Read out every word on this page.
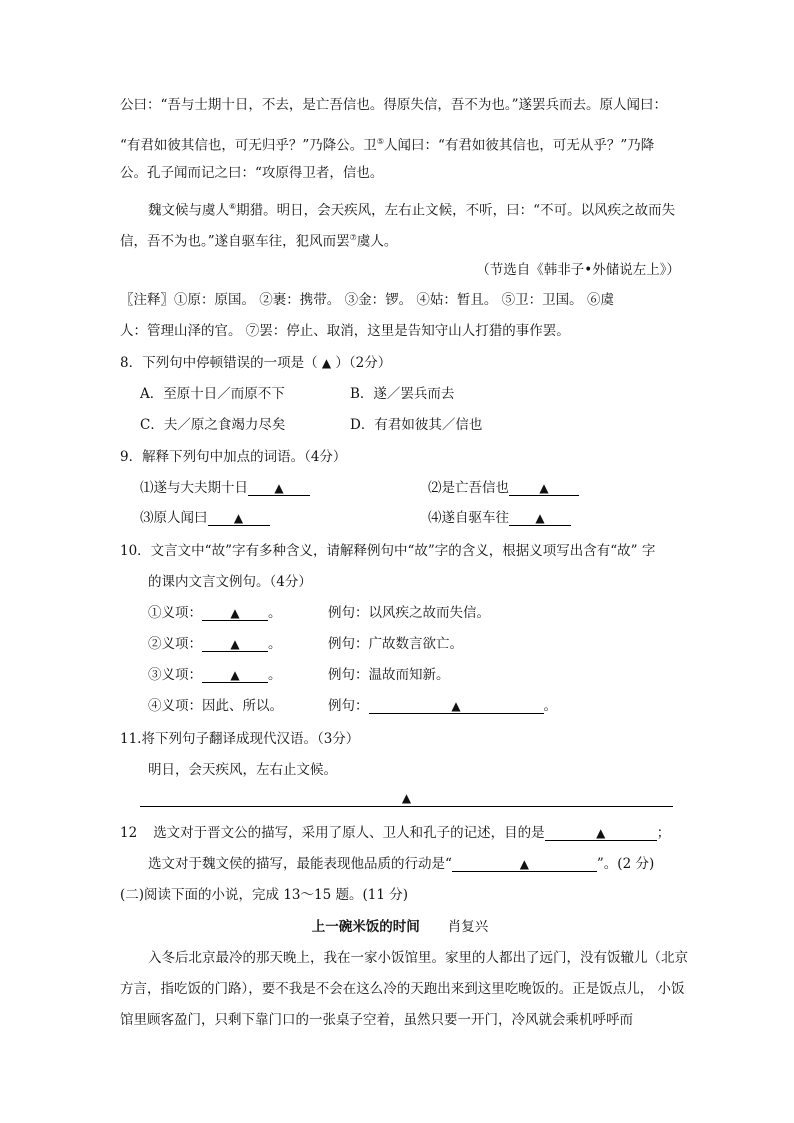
公曰：“吾与士期十日，不去，是亡吾信也。得原失信，吾不为也。”遂罢兵而去。原人闻曰：
“有君如彼其信也，可无归乎？”乃降公。卫⑤人闻曰：“有君如彼其信也，可无从乎？”乃降
公。孔子闻而记之曰：“攻原得卫者，信也。
魏文候与虞人⑥期猎。明日，会天疾风，左右止文候，不听，曰：“不可。以风疾之故而失
信，吾不为也。”遂自驱车往，犯风而罢⑦虞人。
（节选自《韩非子•外储说左上》）
〖注释〗①原：原国。 ②裹：携带。 ③金：锣。 ④姑：暂且。 ⑤卫：卫国。 ⑥虞
人：管理山泽的官。 ⑦罢：停止、取消，这里是告知守山人打猎的事作罢。
8．下列句中停顿错误的一项是（ ▲ ）（2分）
A．至原十日／而原不下	B．遂／罢兵而去
C．夫／原之食竭力尽矣	D．有君如彼其／信也
9．解释下列句中加点的词语。（4分）
⑴遂与大夫期十日 ▲	⑵是亡吾信也	▲
⑶原人闻曰 ▲	⑷遂自驱车往 ▲
10．文言文中“故”字有多种含义，请解释例句中“故”字的含义，根据义项写出含有“故” 字
的课内文言文例句。（4分）
①义项： ▲ 。	例句：以风疾之故而失信。
②义项： ▲ 。	例句：广故数言欲亡。
③义项： ▲ 。	例句：温故而知新。
④义项：因此、所以。	例句：	▲	。
11.将下列句子翻译成现代汉语。（3分）
明日，会天疾风，左右止文候。
▲
12 选文对于晋文公的描写，采用了原人、卫人和孔子的记述，目的是	▲	；
选文对于魏文侯的描写，最能表现他品质的行动是“	▲	”。(2 分)
(二)阅读下面的小说，完成 13～15 题。(11 分)
上一碗米饭的时间 肖复兴
入冬后北京最冷的那天晚上，我在一家小饭馆里。家里的人都出了远门，没有饭辙儿（北京
方言，指吃饭的门路），要不我是不会在这么冷的天跑出来到这里吃晚饭的。正是饭点儿， 小饭
馆里顾客盈门，只剩下靠门口的一张桌子空着，虽然只要一开门，冷风就会乘机呼呼而
